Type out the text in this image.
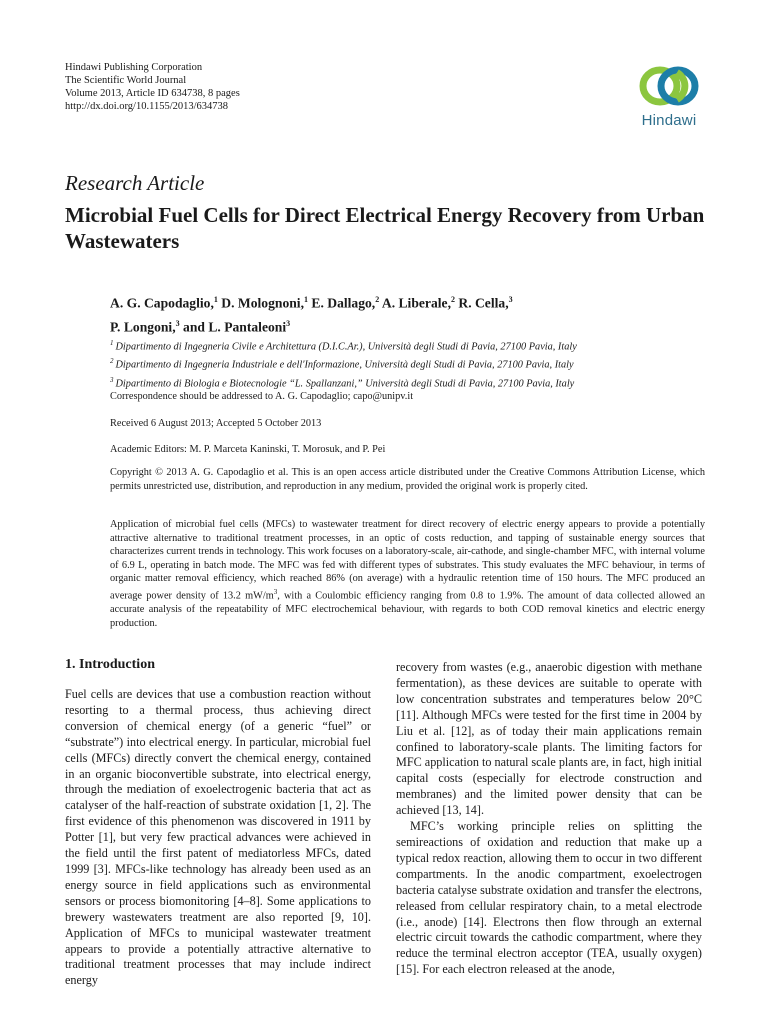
Hindawi Publishing Corporation
The Scientific World Journal
Volume 2013, Article ID 634738, 8 pages
http://dx.doi.org/10.1155/2013/634738
Hindawi
Research Article
Microbial Fuel Cells for Direct Electrical Energy Recovery from Urban Wastewaters

A. G. Capodaglio,$^1$ D. Molognoni,$^1$ E. Dallago,$^2$ A. Liberale,$^2$ R. Cella,$^3$
P. Longoni,$^3$ and L. Pantaleoni$^3$

$^1$ Dipartimento di Ingegneria Civile e Architettura (D.I.C.Ar.), Università degli Studi di Pavia, 27100 Pavia, Italy
$^2$ Dipartimento di Ingegneria Industriale e dell'Informazione, Università degli Studi di Pavia, 27100 Pavia, Italy
$^3$ Dipartimento di Biologia e Biotecnologie “L. Spallanzani,” Università degli Studi di Pavia, 27100 Pavia, Italy
Correspondence should be addressed to A. G. Capodaglio; capo@unipv.it
Received 6 August 2013; Accepted 5 October 2013
Academic Editors: M. P. Marceta Kaninski, T. Morosuk, and P. Pei

Copyright © 2013 A. G. Capodaglio et al. This is an open access article distributed under the Creative Commons Attribution License, which permits unrestricted use, distribution, and reproduction in any medium, provided the original work is properly cited.

Application of microbial fuel cells (MFCs) to wastewater treatment for direct recovery of electric energy appears to provide a potentially attractive alternative to traditional treatment processes, in an optic of costs reduction, and tapping of sustainable energy sources that characterizes current trends in technology. This work focuses on a laboratory-scale, air-cathode, and single-chamber MFC, with internal volume of 6.9 L, operating in batch mode. The MFC was fed with different types of substrates. This study evaluates the MFC behaviour, in terms of organic matter removal efficiency, which reached 86% (on average) with a hydraulic retention time of 150 hours. The MFC produced an average power density of 13.2 $mW/m^3$, with a Coulombic efficiency ranging from 0.8 to 1.9%. The amount of data collected allowed an accurate analysis of the repeatability of MFC electrochemical behaviour, with regards to both COD removal kinetics and electric energy production.

1. Introduction

Fuel cells are devices that use a combustion reaction without resorting to a thermal process, thus achieving direct conversion of chemical energy (of a generic “fuel” or “substrate”) into electrical energy. In particular, microbial fuel cells (MFCs) directly convert the chemical energy, contained in an organic bioconvertible substrate, into electrical energy, through the mediation of exoelectrogenic bacteria that act as catalyser of the half-reaction of substrate oxidation [1, 2]. The first evidence of this phenomenon was discovered in 1911 by Potter [1], but very few practical advances were achieved in the field until the first patent of mediatorless MFCs, dated 1999 [3]. MFCs-like technology has already been used as an energy source in field applications such as environmental sensors or process biomonitoring [4–8]. Some applications to brewery wastewaters treatment are also reported [9, 10]. Application of MFCs to municipal wastewater treatment appears to provide a potentially attractive alternative to traditional treatment processes that may include indirect energy

recovery from wastes (e.g., anaerobic digestion with methane fermentation), as these devices are suitable to operate with low concentration substrates and temperatures below 20°C [11]. Although MFCs were tested for the first time in 2004 by Liu et al. [12], as of today their main applications remain confined to laboratory-scale plants. The limiting factors for MFC application to natural scale plants are, in fact, high initial capital costs (especially for electrode construction and membranes) and the limited power density that can be achieved [13, 14].

MFC’s working principle relies on splitting the semireactions of oxidation and reduction that make up a typical redox reaction, allowing them to occur in two different compartments. In the anodic compartment, exoelectrogen bacteria catalyse substrate oxidation and transfer the electrons, released from cellular respiratory chain, to a metal electrode (i.e., anode) [14]. Electrons then flow through an external electric circuit towards the cathodic compartment, where they reduce the terminal electron acceptor (TEA, usually oxygen) [15]. For each electron released at the anode,
